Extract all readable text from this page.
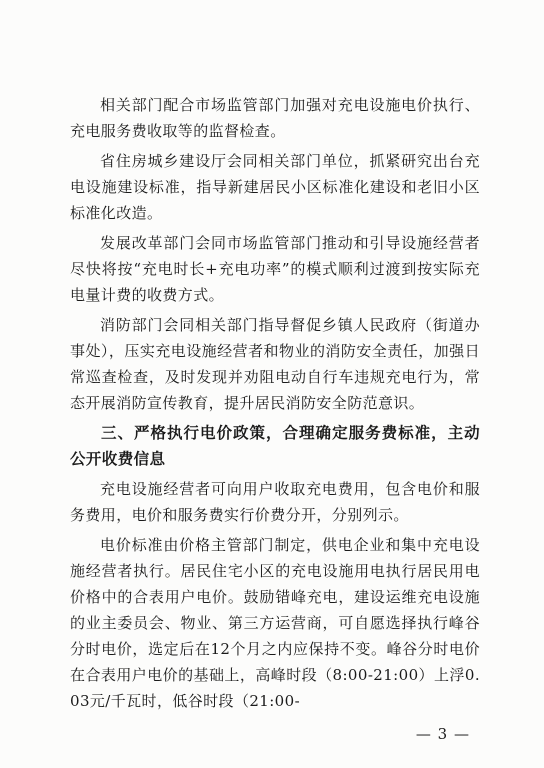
相关部门配合市场监管部门加强对充电设施电价执行、充电服务费收取等的监督检查。

省住房城乡建设厅会同相关部门单位，抓紧研究出台充电设施建设标准，指导新建居民小区标准化建设和老旧小区标准化改造。

发展改革部门会同市场监管部门推动和引导设施经营者尽快将按“充电时长+充电功率”的模式顺利过渡到按实际充电量计费的收费方式。

消防部门会同相关部门指导督促乡镇人民政府（街道办事处），压实充电设施经营者和物业的消防安全责任，加强日常巡查检查，及时发现并劝阻电动自行车违规充电行为，常态开展消防宣传教育，提升居民消防安全防范意识。

三、严格执行电价政策，合理确定服务费标准，主动公开收费信息

充电设施经营者可向用户收取充电费用，包含电价和服务费用，电价和服务费实行价费分开，分别列示。

电价标准由价格主管部门制定，供电企业和集中充电设施经营者执行。居民住宅小区的充电设施用电执行居民用电价格中的合表用户电价。鼓励错峰充电，建设运维充电设施的业主委员会、物业、第三方运营商，可自愿选择执行峰谷分时电价，选定后在12个月之内应保持不变。峰谷分时电价在合表用户电价的基础上，高峰时段（8:00-21:00）上浮0.03元/千瓦时，低谷时段（21:00-

— 3 —
